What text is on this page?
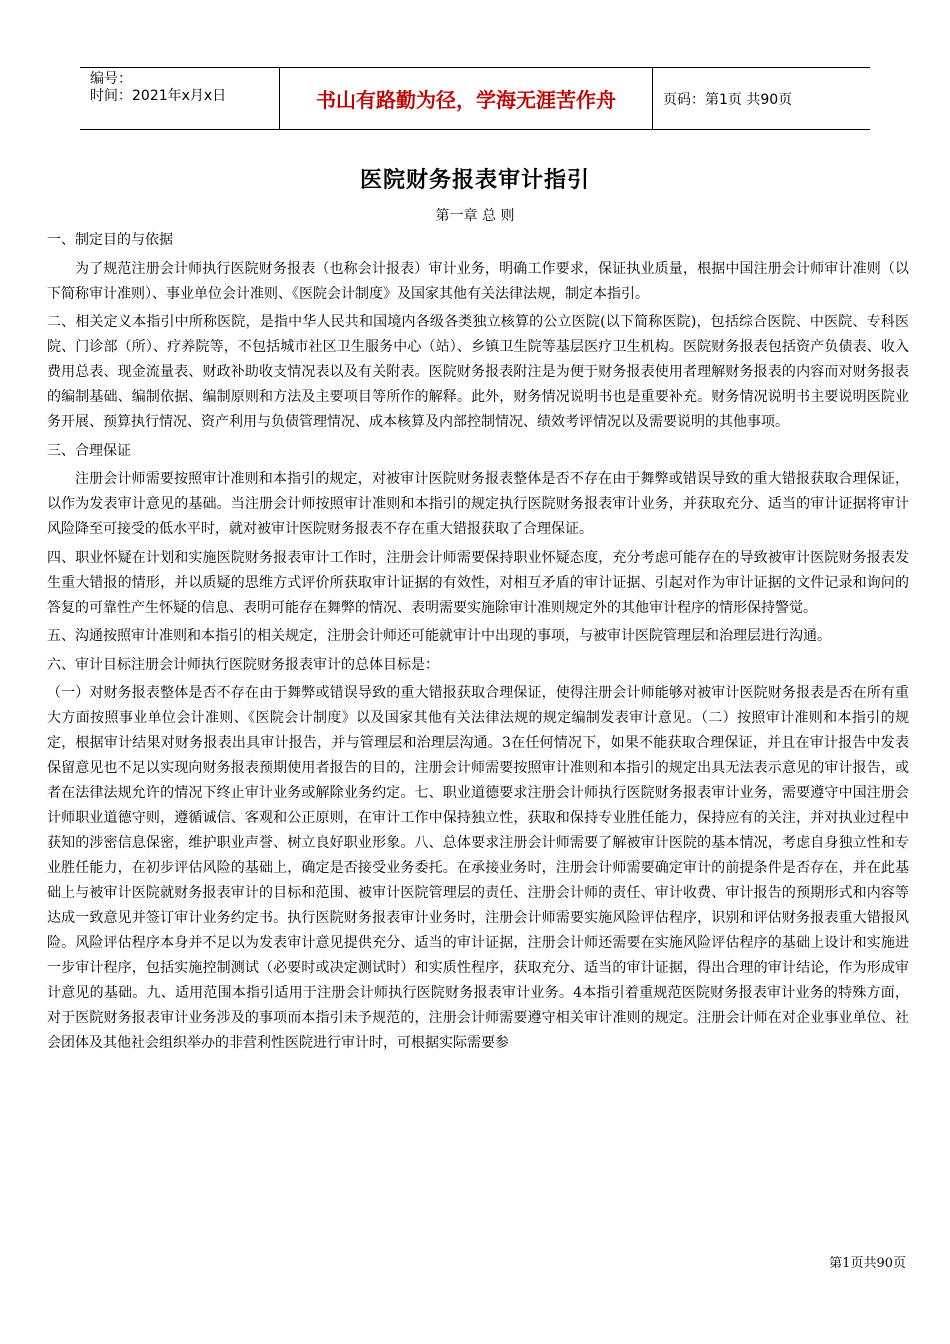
编号：
时间：2021年x月x日	书山有路勤为径，学海无涯苦作舟	页码：第1页 共90页
医院财务报表审计指引
第一章 总 则

一、制定目的与依据

为了规范注册会计师执行医院财务报表（也称会计报表）审计业务，明确工作要求，保证执业质量，根据中国注册会计师审计准则（以下简称审计准则）、事业单位会计准则、《医院会计制度》及国家其他有关法律法规，制定本指引。

二、相关定义本指引中所称医院，是指中华人民共和国境内各级各类独立核算的公立医院(以下简称医院)，包括综合医院、中医院、专科医院、门诊部（所）、疗养院等，不包括城市社区卫生服务中心（站）、乡镇卫生院等基层医疗卫生机构。医院财务报表包括资产负债表、收入费用总表、现金流量表、财政补助收支情况表以及有关附表。医院财务报表附注是为便于财务报表使用者理解财务报表的内容而对财务报表的编制基础、编制依据、编制原则和方法及主要项目等所作的解释。此外，财务情况说明书也是重要补充。财务情况说明书主要说明医院业务开展、预算执行情况、资产利用与负债管理情况、成本核算及内部控制情况、绩效考评情况以及需要说明的其他事项。

三、合理保证

注册会计师需要按照审计准则和本指引的规定，对被审计医院财务报表整体是否不存在由于舞弊或错误导致的重大错报获取合理保证，以作为发表审计意见的基础。当注册会计师按照审计准则和本指引的规定执行医院财务报表审计业务，并获取充分、适当的审计证据将审计风险降至可接受的低水平时，就对被审计医院财务报表不存在重大错报获取了合理保证。

四、职业怀疑在计划和实施医院财务报表审计工作时，注册会计师需要保持职业怀疑态度，充分考虑可能存在的导致被审计医院财务报表发生重大错报的情形，并以质疑的思维方式评价所获取审计证据的有效性，对相互矛盾的审计证据、引起对作为审计证据的文件记录和询问的答复的可靠性产生怀疑的信息、表明可能存在舞弊的情况、表明需要实施除审计准则规定外的其他审计程序的情形保持警觉。

五、沟通按照审计准则和本指引的相关规定，注册会计师还可能就审计中出现的事项，与被审计医院管理层和治理层进行沟通。

六、审计目标注册会计师执行医院财务报表审计的总体目标是：

（一）对财务报表整体是否不存在由于舞弊或错误导致的重大错报获取合理保证，使得注册会计师能够对被审计医院财务报表是否在所有重大方面按照事业单位会计准则、《医院会计制度》以及国家其他有关法律法规的规定编制发表审计意见。（二）按照审计准则和本指引的规定，根据审计结果对财务报表出具审计报告，并与管理层和治理层沟通。3在任何情况下，如果不能获取合理保证，并且在审计报告中发表保留意见也不足以实现向财务报表预期使用者报告的目的，注册会计师需要按照审计准则和本指引的规定出具无法表示意见的审计报告，或者在法律法规允许的情况下终止审计业务或解除业务约定。七、职业道德要求注册会计师执行医院财务报表审计业务，需要遵守中国注册会计师职业道德守则，遵循诚信、客观和公正原则，在审计工作中保持独立性，获取和保持专业胜任能力，保持应有的关注，并对执业过程中获知的涉密信息保密，维护职业声誉、树立良好职业形象。八、总体要求注册会计师需要了解被审计医院的基本情况，考虑自身独立性和专业胜任能力，在初步评估风险的基础上，确定是否接受业务委托。在承接业务时，注册会计师需要确定审计的前提条件是否存在，并在此基础上与被审计医院就财务报表审计的目标和范围、被审计医院管理层的责任、注册会计师的责任、审计收费、审计报告的预期形式和内容等达成一致意见并签订审计业务约定书。执行医院财务报表审计业务时，注册会计师需要实施风险评估程序，识别和评估财务报表重大错报风险。风险评估程序本身并不足以为发表审计意见提供充分、适当的审计证据，注册会计师还需要在实施风险评估程序的基础上设计和实施进一步审计程序，包括实施控制测试（必要时或决定测试时）和实质性程序，获取充分、适当的审计证据，得出合理的审计结论，作为形成审计意见的基础。九、适用范围本指引适用于注册会计师执行医院财务报表审计业务。4本指引着重规范医院财务报表审计业务的特殊方面，对于医院财务报表审计业务涉及的事项而本指引未予规范的，注册会计师需要遵守相关审计准则的规定。注册会计师在对企业事业单位、社会团体及其他社会组织举办的非营利性医院进行审计时，可根据实际需要参

第1页共90页
